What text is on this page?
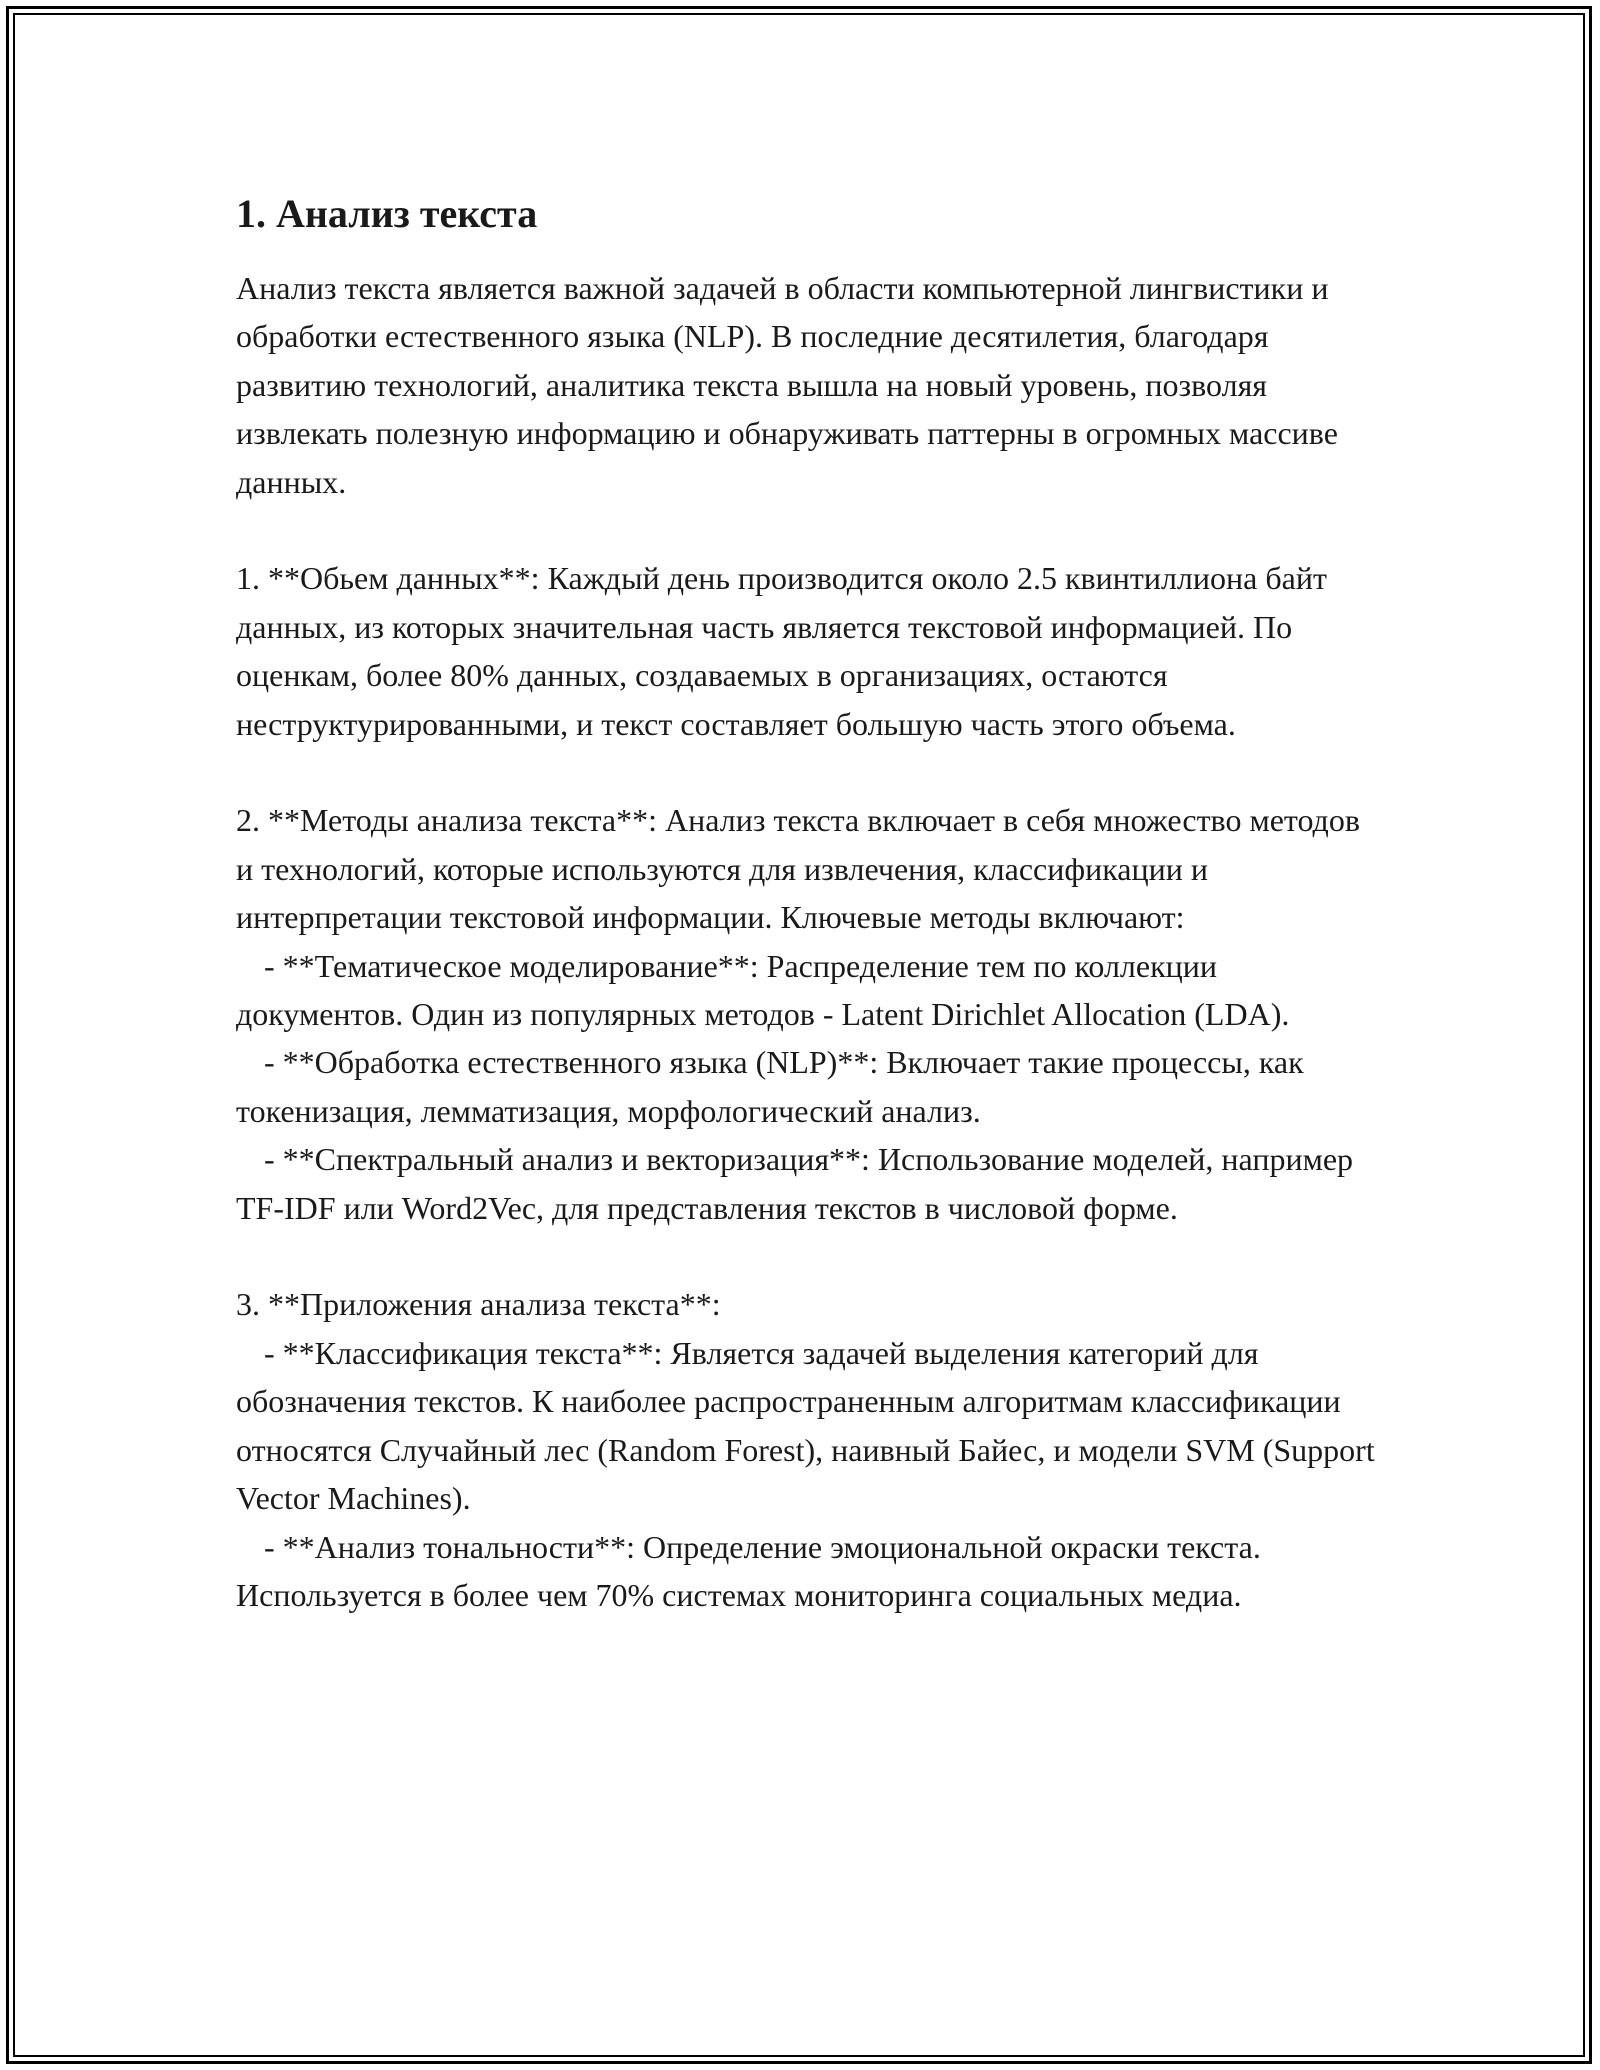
1. Анализ текста

Анализ текста является важной задачей в области компьютерной лингвистики и обработки естественного языка (NLP). В последние десятилетия, благодаря развитию технологий, аналитика текста вышла на новый уровень, позволяя извлекать полезную информацию и обнаруживать паттерны в огромных массиве данных.

1. **Обьем данных**: Каждый день производится около 2.5 квинтиллиона байт данных, из которых значительная часть является текстовой информацией. По оценкам, более 80% данных, создаваемых в организациях, остаются неструктурированными, и текст составляет большую часть этого объема.

2. **Методы анализа текста**: Анализ текста включает в себя множество методов и технологий, которые используются для извлечения, классификации и интерпретации текстовой информации. Ключевые методы включают:

- **Тематическое моделирование**: Распределение тем по коллекции документов. Один из популярных методов - Latent Dirichlet Allocation (LDA).

- **Обработка естественного языка (NLP)**: Включает такие процессы, как токенизация, лемматизация, морфологический анализ.

- **Спектральный анализ и векторизация**: Использование моделей, например TF-IDF или Word2Vec, для представления текстов в числовой форме.

3. **Приложения анализа текста**:

- **Классификация текста**: Является задачей выделения категорий для обозначения текстов. К наиболее распространенным алгоритмам классификации относятся Случайный лес (Random Forest), наивный Байес, и модели SVM (Support Vector Machines).

- **Анализ тональности**: Определение эмоциональной окраски текста. Используется в более чем 70% системах мониторинга социальных медиа.
